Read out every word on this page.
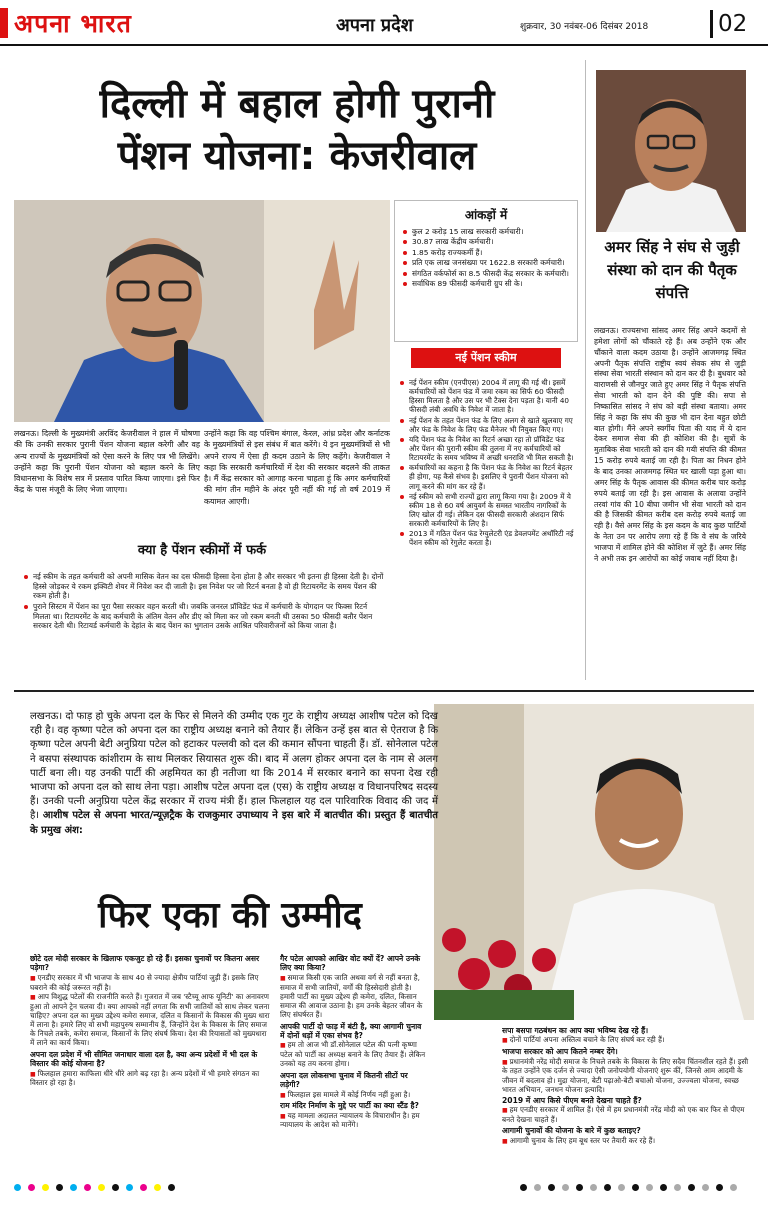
अपना भारत	अपना प्रदेश	शुक्रवार, 30 नवंबर-06 दिसंबर 2018	02
दिल्ली में बहाल होगी पुरानी
पेंशन योजना: केजरीवाल
लखनऊ। दिल्ली के मुख्यमंत्री अरविंद केजरीवाल ने हाल में घोषणा की कि उनकी सरकार पुरानी पेंशन योजना बहाल करेगी और वह अन्य राज्यों के मुख्यमंत्रियों को ऐसा करने के लिए पत्र भी लिखेंगे। उन्होंने कहा कि पुरानी पेंशन योजना को बहाल करने के लिए विधानसभा के विशेष सत्र में प्रस्ताव पारित किया जाएगा। इसे फिर केंद्र के पास मंजूरी के लिए भेजा जाएगा।
उन्होंने कहा कि वह पश्चिम बंगाल, केरल, आंध्र प्रदेश और कर्नाटक के मुख्यमंत्रियों से इस संबंध में बात करेंगे। ये इन मुख्यमंत्रियों से भी अपने राज्य में ऐसा ही कदम उठाने के लिए कहेंगे। केजरीवाल ने कहा कि सरकारी कर्मचारियों में देश की सरकार बदलने की ताकत है। मैं केंद्र सरकार को आगाह करना चाहता हूं कि अगर कर्मचारियों की मांग तीन महीने के अंदर पूरी नहीं की गई तो वर्ष 2019 में कयामत आएगी।
आंकड़ों में
कुल 2 करोड़ 15 लाख सरकारी कर्मचारी।
30.87 लाख केंद्रीय कर्मचारी।
1.85 करोड़ राज्यकर्मी हैं।
प्रति एक लाख जनसंख्या पर 1622.8 सरकारी कर्मचारी।
संगठित वर्कफोर्स का 8.5 फीसदी केंद्र सरकार के कर्मचारी।
सर्वाधिक 89 फीसदी कर्मचारी ग्रुप सी के।
नई पेंशन स्कीम
नई पेंशन स्कीम (एनपीएस) 2004 में लागू की गई थी। इसमें कर्मचारियों को पेंशन फंड में जमा रकम का सिर्फ 60 फीसदी हिस्सा मिलता है और उस पर भी टैक्स देना पड़ता है। यानी 40 फीसदी लंबी अवधि के निवेश में जाता है।
नई पेंशन के तहत पेंशन फंड के लिए अलग से खाते खुलवाए गए और फंड के निवेश के लिए फंड मैनेजर भी नियुक्त किए गए।
यदि पेंशन फंड के निवेश का रिटर्न अच्छा रहा तो प्रॉविडेंट फंड और पेंशन की पुरानी स्कीम की तुलना में नए कर्मचारियों को रिटायरमेंट के समय भविष्य में अच्छी धनराशि भी मिल सकती है।
कर्मचारियों का कहना है कि पेंशन फंड के निवेश का रिटर्न बेहतर ही होगा, यह कैसे संभव है। इसलिए ये पुरानी पेंशन योजना को लागू करने की मांग कर रहे हैं।
नई स्कीम को सभी राज्यों द्वारा लागू किया गया है। 2009 में ये स्कीम 18 से 60 वर्ष आयुवर्ग के समस्त भारतीय नागरिकों के लिए खोल दी गई। लेकिन दस फीसदी सरकारी अंशदान सिर्फ सरकारी कर्मचारियों के लिए है।
2013 में गठित पेंशन फंड रेग्युलेटरी एंड डेवलपमेंट अथॉरिटी नई पेंशन स्कीम को रेगुलेट करता है।
क्या है पेंशन स्कीमों में फर्क
नई स्कीम के तहत कर्मचारी को अपनी मासिक वेतन का दस फीसदी हिस्सा देना होता है और सरकार भी इतना ही हिस्सा देती है। दोनों हिस्से जोड़कर ये रकम इक्विटी शेयर में निवेश कर दी जाती है। इस निवेश पर जो रिटर्न बनता है वो ही रिटायरमेंट के समय पेंशन की रकम होती है।
पुराने सिस्टम में पेंशन का पूरा पैसा सरकार वहन करती थी। जबकि जनरल प्रॉविडेंट फंड में कर्मचारी के योगदान पर फिक्स रिटर्न मिलता था। रिटायरमेंट के बाद कर्मचारी के अंतिम वेतन और डीए को मिला कर जो रकम बनती थी उसका 50 फीसदी बतौर पेंशन सरकार देती थी। रिटायर्ड कर्मचारी के देहांत के बाद पेंशन का भुगतान उसके आश्रित परिवारीजनों को किया जाता है।
अमर सिंह ने संघ से जुड़ी संस्था को दान की पैतृक संपत्ति
लखनऊ। राज्यसभा सांसद अमर सिंह अपने कदमों से हमेशा लोगों को चौंकाते रहे हैं। अब उन्होंने एक और चौंकाने वाला कदम उठाया है। उन्होंने आजमगढ़ स्थित अपनी पैतृक संपत्ति राष्ट्रीय स्वयं सेवक संघ से जुड़ी संस्था सेवा भारती संस्थान को दान कर दी है। बुधवार को वाराणसी से जौनपुर जाते हुए अमर सिंह ने पैतृक संपत्ति सेवा भारती को दान देने की पुष्टि की। सपा से निष्कासित सांसद ने संघ को बड़ी संस्था बताया। अमर सिंह ने कहा कि संघ की कुछ भी दान देना बहुत छोटी बात होगी। मैंने अपने स्वर्गीय पिता की याद में ये दान देकर समाज सेवा की ही कोशिश की है। सूत्रों के मुताबिक सेवा भारती को दान की गयी संपत्ति की कीमत 15 करोड़ रुपये बताई जा रही है। पिता का निधन होने के बाद उनका आजमगढ़ स्थित घर खाली पड़ा हुआ था। अमर सिंह के पैतृक आवास की कीमत करीब चार करोड़ रुपये बताई जा रही है। इस आवास के अलावा उन्होंने तरवां गांव की 10 बीघा जमीन भी सेवा भारती को दान की है जिसकी कीमत करीब दस करोड़ रुपये बताई जा रही है। वैसे अमर सिंह के इस कदम के बाद कुछ पार्टियों के नेता उन पर आरोप लगा रहे हैं कि वे संघ के जरिये भाजपा में शामिल होने की कोशिश में जुटे हैं। अमर सिंह ने अभी तक इन आरोपों का कोई जवाब नहीं दिया है।
लखनऊ। दो फाड़ हो चुके अपना दल के फिर से मिलने की उम्मीद एक गुट के राष्ट्रीय अध्यक्ष आशीष पटेल को दिख रही है। वह कृष्णा पटेल को अपना दल का राष्ट्रीय अध्यक्ष बनाने को तैयार हैं। लेकिन उन्हें इस बात से ऐतराज है कि कृष्णा पटेल अपनी बेटी अनुप्रिया पटेल को हटाकर पल्लवी को दल की कमान सौंपना चाहती हैं। डॉ. सोनेलाल पटेल ने बसपा संस्थापक कांशीराम के साथ मिलकर सियासत शुरू की। बाद में अलग होकर अपना दल के नाम से अलग पार्टी बना ली। यह उनकी पार्टी की अहमियत का ही नतीजा था कि 2014 में सरकार बनाने का सपना देख रही भाजपा को अपना दल को साथ लेना पड़ा। आशीष पटेल अपना दल (एस) के राष्ट्रीय अध्यक्ष व विधानपरिषद सदस्य हैं। उनकी पत्नी अनुप्रिया पटेल केंद्र सरकार में राज्य मंत्री हैं। हाल फिलहाल यह दल पारिवारिक विवाद की जद में है। आशीष पटेल से अपना भारत/न्यूज़ट्रैक के राजकुमार उपाध्याय ने इस बारे में बातचीत की। प्रस्तुत हैं बातचीत के प्रमुख अंश:
फिर एका की उम्मीद
छोटे दल मोदी सरकार के खिलाफ एकजुट हो रहे हैं। इसका चुनावों पर कितना असर पड़ेगा?
■ एनडीए सरकार में भी भाजपा के साथ 40 से ज्यादा क्षेत्रीय पार्टियां जुड़ी हैं। इसके लिए घबराने की कोई जरूरत नहीं है।
■ आप विशुद्ध पटेलों की राजनीति करते हैं। गुजरात में जब 'स्टैच्यू आफ यूनिटी' का अनावरण हुआ तो आपने ट्रेन चलवा दी। क्या आपको नहीं लगता कि सभी जातियों को साथ लेकर चलना चाहिए? अपना दल का मुख्य उद्देश्य कमेरा समाज, दलित व किसानों के विकास की मुख्य धारा में लाना है। हमारे लिए वो सभी महापुरुष सम्मानीय हैं, जिन्होंने देश के विकास के लिए समाज के निचले तबके, कमेरा समाज, किसानों के लिए संघर्ष किया। देश की रियासतों को मुख्यधारा में लाने का कार्य किया।
अपना दल प्रदेश में भी सीमित जनाधार वाला दल है, क्या अन्य प्रदेशों में भी दल के विस्तार की कोई योजना है?
■ फिलहाल हमारा काफिला धीरे धीरे आगे बढ़ रहा है। अन्य प्रदेशों में भी हमारे संगठन का विस्तार हो रहा है।
गैर पटेल आपको आखिर वोट क्यों दें? आपने उनके लिए क्या किया?
■ समाज किसी एक जाति अथवा वर्ग से नहीं बनता है, समाज में सभी जातियों, वर्गों की हिस्सेदारी होती है। हमारी पार्टी का मुख्य उद्देश्य ही कमेरा, दलित, किसान समाज की आवाज उठाना है। हम उनके बेहतर जीवन के लिए संघर्षरत हैं।
आपकी पार्टी दो फाड़ में बंटी है, क्या आगामी चुनाव में दोनों धड़ों में एका संभव है?
■ हम तो आज भी डॉ.सोनेलाल पटेल की पत्नी कृष्णा पटेल को पार्टी का अध्यक्ष बनाने के लिए तैयार हैं। लेकिन उनको यह तय करना होगा।
अपना दल लोकसभा चुनाव में कितनी सीटों पर लड़ेगी?
■ फिलहाल इस मामले में कोई निर्णय नहीं हुआ है।
राम मंदिर निर्माण के मुद्दे पर पार्टी का क्या स्टैंड है?
■ यह मामला अदालत न्यायालय के विचाराधीन है। हम न्यायालय के आदेश को मानेंगे।
सपा बसपा गठबंधन का आप क्या भविष्य देख रहे हैं।
■ दोनों पार्टियां अपना अस्तित्व बचाने के लिए संघर्ष कर रही हैं।
भाजपा सरकार को आप कितने नम्बर देंगे।
■ प्रधानमंत्री नरेंद्र मोदी समाज के निचले तबके के विकास के लिए सदैव चिंतनशील रहते हैं। इसी के तहत उन्होंने एक दर्जन से ज्यादा ऐसी जनोपयोगी योजनाएं शुरू कीं, जिनसे आम आदमी के जीवन में बदलाव हो। मुद्रा योजना, बेटी पढ़ाओ-बेटी बचाओ योजना, उज्ज्वला योजना, स्वच्छ भारत अभियान, जनधन योजना इत्यादि।
2019 में आप किसे पीएम बनते देखना चाहते हैं?
■ हम एनडीए सरकार में शामिल हैं। ऐसे में हम प्रधानमंत्री नरेंद्र मोदी को एक बार फिर से पीएम बनते देखना चाहते हैं।
आगामी चुनावों की योजना के बारे में कुछ बताइए?
■ आगामी चुनाव के लिए हम बूथ स्तर पर तैयारी कर रहे हैं।
